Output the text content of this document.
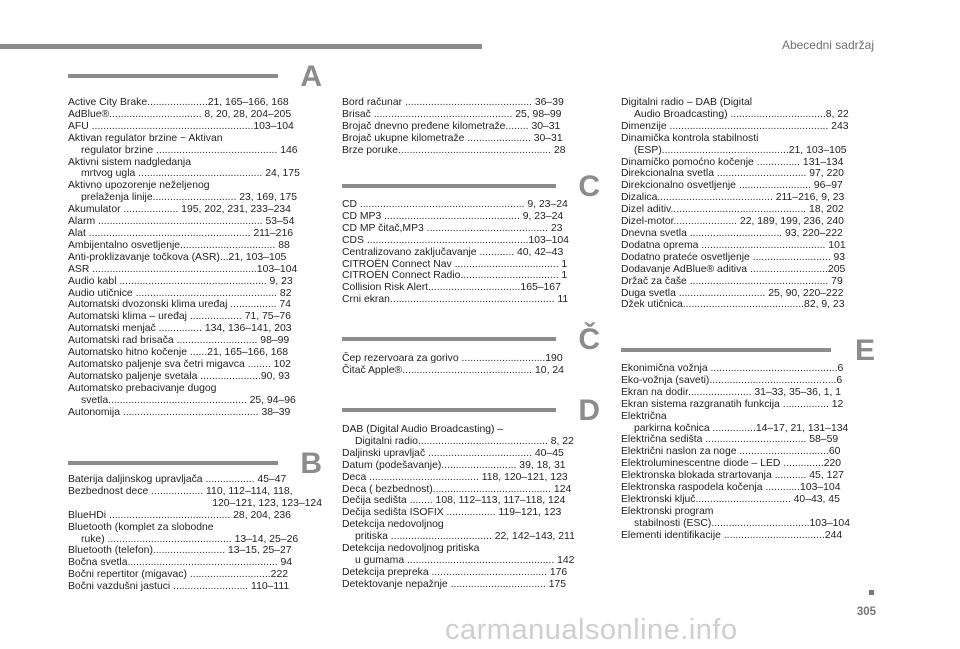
Abecedni sadržaj
A
Active City Brake.....................21, 165–166, 168
AdBlue®................................ 8, 20, 28, 204–205
AFU ........................................................103–104
Aktivan regulator brzine ~ Aktivan
regulator brzine .......................................... 146
Aktivni sistem nadgledanja
mrtvog ugla ........................................... 24, 175
Aktivno upozorenje neželjenog
prelaženja linije............................. 23, 169, 175
Akumulator ................... 195, 202, 231, 233–234
Alarm ......................................................... 53–54
Alat ........................................................ 211–216
Ambijentalno osvetljenje................................. 88
Anti-proklizavanje točkova (ASR)...21, 103–105
ASR .........................................................103–104
Audio kabl ................................................... 9, 23
Audio utičnice ................................................. 82
Automatski dvozonski klima uređaj ................ 74
Automatski klima – uređaj .................. 71, 75–76
Automatski menjač ............... 134, 136–141, 203
Automatski rad brisača ............................ 98–99
Automatsko hitno kočenje ......21, 165–166, 168
Automatsko paljenje sva četri migavca ........ 102
Automatsko paljenje svetala .....................90, 93
Automatsko prebacivanje dugog
svetla................................................ 25, 94–96
Autonomija ............................................... 38–39
B
Baterija daljinskog upravljača ................. 45–47
Bezbednost dece .................. 110, 112–114, 118,
120–121, 123, 123–124
BlueHDi .......................................... 28, 204, 236
Bluetooth (komplet za slobodne
ruke) ........................................... 13–14, 25–26
Bluetooth (telefon)......................... 13–15, 25–27
Bočna svetla.................................................... 94
Bočni repertitor (migavac) ............................222
Bočni vazdušni jastuci .......................... 110–111
Bord računar ............................................ 36–39
Brisač ................................................ 25, 98–99
Brojač dnevno pređene kilometraže........ 30–31
Brojač ukupne kilometraže ...................... 30–31
Brze poruke..................................................... 28
C
CD ......................................................... 9, 23–24
CD MP3 ............................................... 9, 23–24
CD MP čitač,MP3 .......................................... 23
CDS ........................................................103–104
Centralizovano zaključavanje ............ 40, 42–43
CITROËN Connect Nav .................................... 1
CITROËN Connect Radio.................................. 1
Collision Risk Alert................................165–167
Crni ekran......................................................... 11
Č
Čep rezervoara za gorivo .............................190
Čitač Apple®............................................. 10, 24
D
DAB (Digital Audio Broadcasting) –
Digitalni radio............................................. 8, 22
Daljinski upravljač .................................... 40–45
Datum (podešavanje).......................... 39, 18, 31
Deca ...................................... 118, 120–121, 123
Deca ( bezbednost)......................................... 124
Dečija sedišta ........ 108, 112–113, 117–118, 124
Dečija sedišta ISOFIX ................. 119–121, 123
Detekcija nedovoljnog
pritiska ................................... 22, 142–143, 211
Detekcija nedovoljnog pritiska
u gumama ................................................... 142
Detekcija prepreka ........................................ 176
Detektovanje nepažnje ................................. 175
Digitalni radio – DAB (Digital
Audio Broadcasting) .................................8, 22
Dimenzije ....................................................... 243
Dinamička kontrola stabilnosti
(ESP)............................................21, 103–105
Dinamičko pomoćno kočenje ............... 131–134
Direkcionalna svetla ............................... 97, 220
Direkcionalno osvetljenje ......................... 96–97
Dizalica........................................ 211–216, 9, 23
Dizel aditiv............................................... 18, 202
Dizel-motor...................... 22, 189, 199, 236, 240
Dnevna svetla ................................ 93, 220–222
Dodatna oprema ........................................... 101
Dodatno prateće osvetljenje ........................... 93
Dodavanje AdBlue® aditiva ...........................205
Držač za čaše ................................................ 79
Duga svetla .............................. 25, 90, 220–222
Džek utičnica..........................................82, 9, 23
E
Ekonimična vožnja ............................................6
Eko-vožnja (saveti)............................................6
Ekran na dodir...................... 31–33, 35–36, 1, 1
Ekran sistema razgranatih funkcija ................ 12
Električna
parkirna kočnica ...............14–17, 21, 131–134
Električna sedišta ................................... 58–59
Električni naslon za noge ...............................60
Elektroluminescentne diode – LED ..............220
Elektronska blokada strartovanja ........... 45, 127
Elektronska raspodela kočenja ............103–104
Elektronski ključ................................. 40–43, 45
Elektronski program
stabilnosti (ESC)..................................103–104
Elementi identifikacije ...................................244
305
carmanualsonline.info
